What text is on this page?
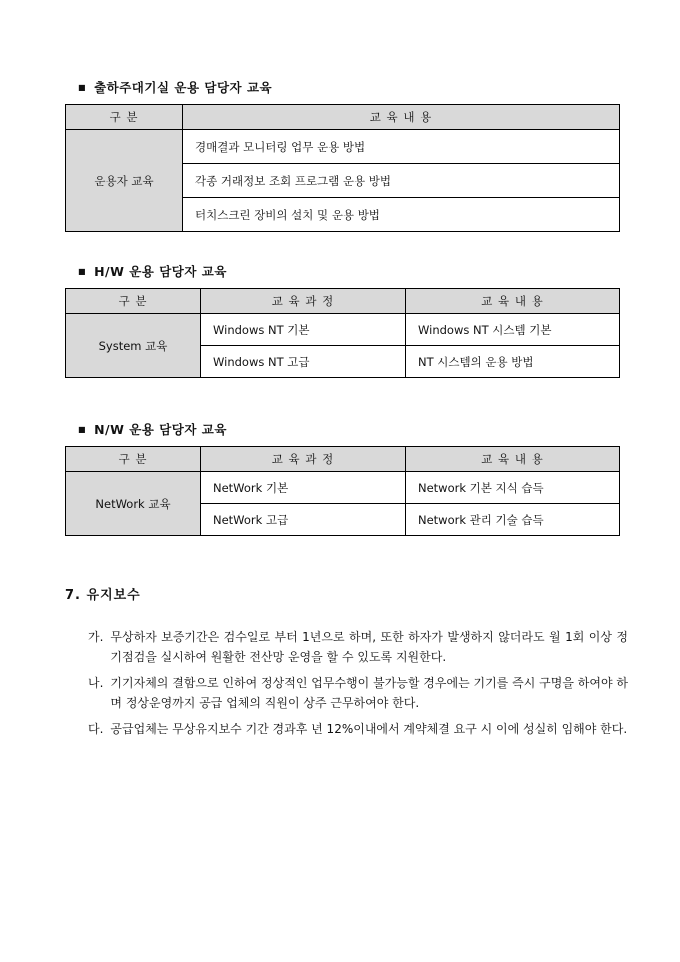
■ 출하주대기실 운용 담당자 교육
구 분	교 육 내 용
운용자 교육	경매결과 모니터링 업무 운용 방법
	각종 거래정보 조회 프로그램 운용 방법
	터치스크린 장비의 설치 및 운용 방법
■ H/W 운용 담당자 교육
구 분	교 육 과 정	교 육 내 용
System 교육	Windows NT 기본	Windows NT 시스템 기본
	Windows NT 고급	NT 시스템의 운용 방법
■ N/W 운용 담당자 교육
구 분	교 육 과 정	교 육 내 용
NetWork 교육	NetWork 기본	Network 기본 지식 습득
	NetWork 고급	Network 관리 기술 습득
7. 유지보수
가. 무상하자 보증기간은 검수일로 부터 1년으로 하며, 또한 하자가 발생하지 않더라도 월 1회 이상 정기점검을 실시하여 원활한 전산망 운영을 할 수 있도록 지원한다.
나. 기기자체의 결함으로 인하여 정상적인 업무수행이 불가능할 경우에는 기기를 즉시 구명을 하여야 하며 정상운영까지 공급 업체의 직원이 상주 근무하여야 한다.
다. 공급업체는 무상유지보수 기간 경과후 년 12%이내에서 계약체결 요구 시 이에 성실히 임해야 한다.
